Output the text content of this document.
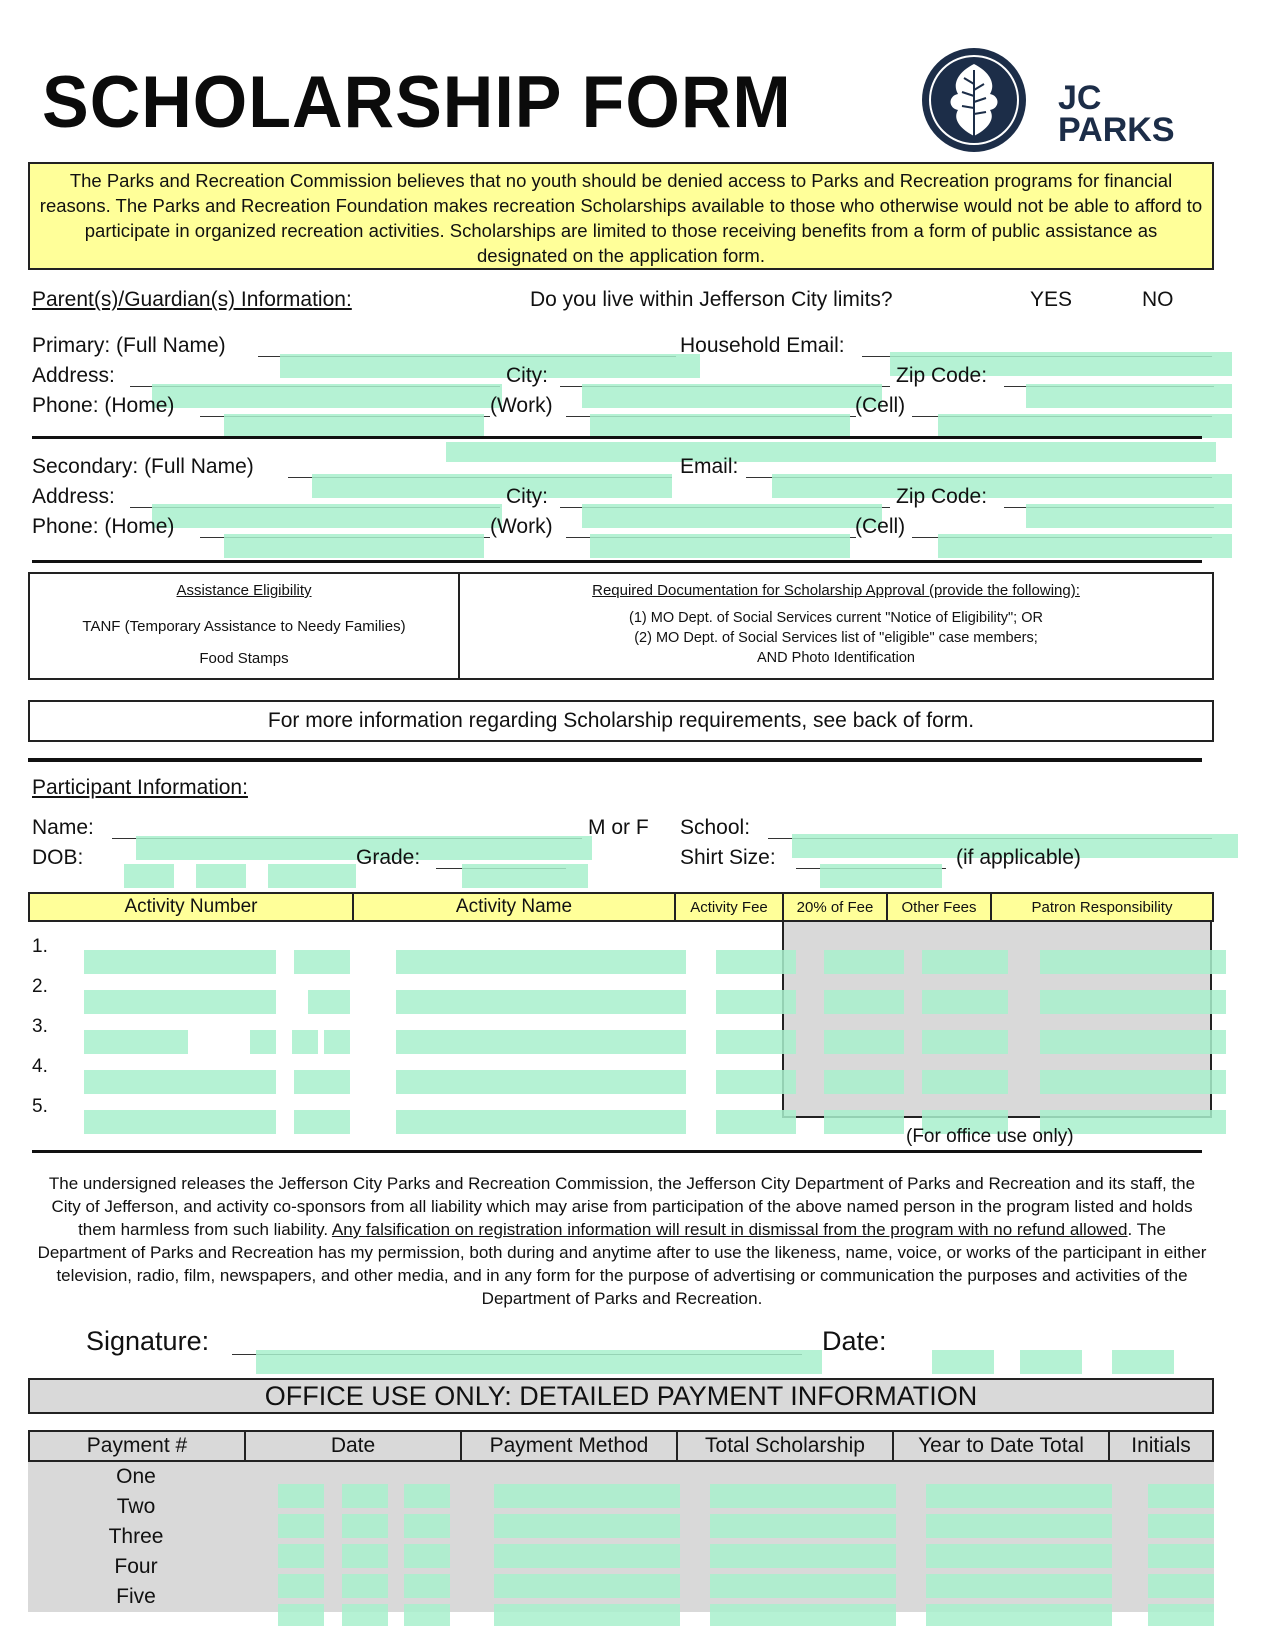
SCHOLARSHIP FORM	JC
PARKS
The Parks and Recreation Commission believes that no youth should be denied access to Parks and Recreation programs for financial reasons. The Parks and Recreation Foundation makes recreation Scholarships available to those who otherwise would not be able to afford to participate in organized recreation activities. Scholarships are limited to those receiving benefits from a form of public assistance as designated on the application form.
Parent(s)/Guardian(s) Information:	Do you live within Jefferson City limits?	YES	NO
Primary: (Full Name)	Household Email:
Address:	City:	Zip Code:
Phone: (Home)	(Work)	(Cell)
Secondary: (Full Name)	Email:
Address:	City:	Zip Code:
Phone: (Home)	(Work)	(Cell)
Assistance Eligibility
TANF (Temporary Assistance to Needy Families)
Food Stamps
Required Documentation for Scholarship Approval (provide the following):
(1) MO Dept. of Social Services current "Notice of Eligibility"; OR
(2) MO Dept. of Social Services list of "eligible" case members;
AND Photo Identification
For more information regarding Scholarship requirements, see back of form.
Participant Information:
Name:	M or F School:
DOB:	Grade:	Shirt Size:	(if applicable)
Activity Number	Activity Name	Activity Fee	20% of Fee	Other Fees	Patron Responsibility
1.
2.
3.
4.
5.
(For office use only)
The undersigned releases the Jefferson City Parks and Recreation Commission, the Jefferson City Department of Parks and Recreation and its staff, the City of Jefferson, and activity co-sponsors from all liability which may arise from participation of the above named person in the program listed and holds them harmless from such liability. Any falsification on registration information will result in dismissal from the program with no refund allowed. The Department of Parks and Recreation has my permission, both during and anytime after to use the likeness, name, voice, or works of the participant in either television, radio, film, newspapers, and other media, and in any form for the purpose of advertising or communication the purposes and activities of the Department of Parks and Recreation.
Signature:	Date:
OFFICE USE ONLY: DETAILED PAYMENT INFORMATION
Payment #	Date	Payment Method	Total Scholarship	Year to Date Total	Initials
One
Two
Three
Four
Five
